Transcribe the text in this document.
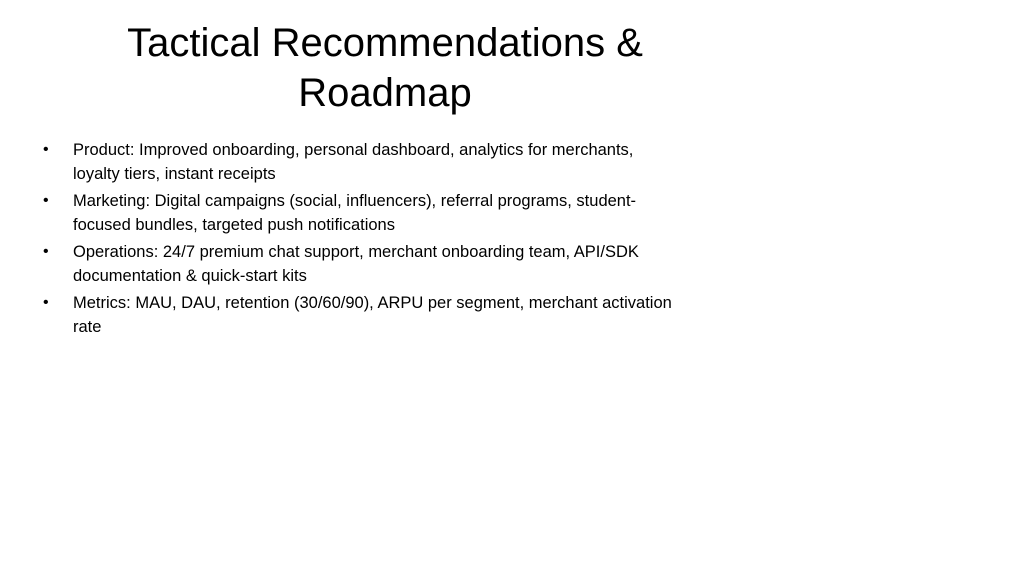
Tactical Recommendations &
Roadmap
• Product: Improved onboarding, personal dashboard, analytics for merchants,
loyalty tiers, instant receipts
• Marketing: Digital campaigns (social, influencers), referral programs, student-
focused bundles, targeted push notifications
• Operations: 24/7 premium chat support, merchant onboarding team, API/SDK
documentation & quick-start kits
• Metrics: MAU, DAU, retention (30/60/90), ARPU per segment, merchant activation
rate
